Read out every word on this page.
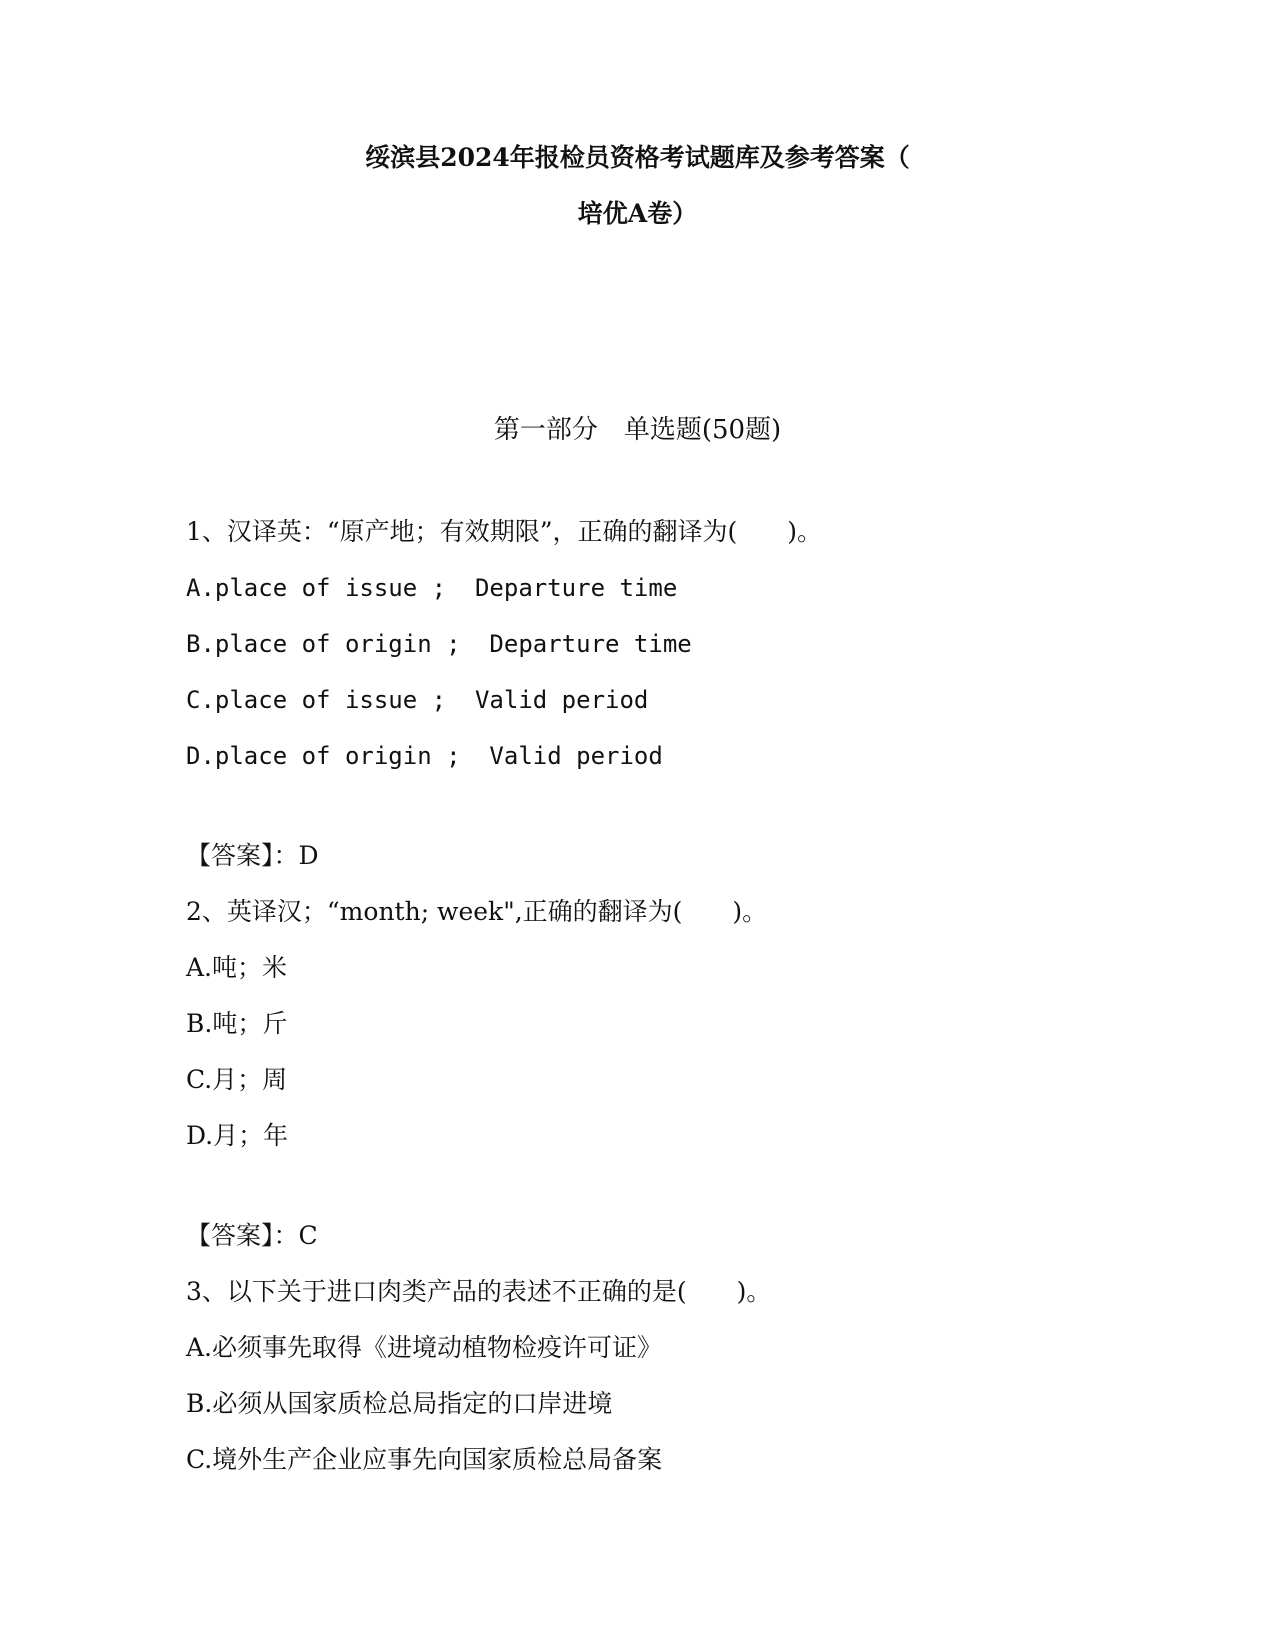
绥滨县2024年报检员资格考试题库及参考答案（
培优A卷）
第一部分　单选题(50题)
1、汉译英：“原产地；有效期限”，正确的翻译为(　　)。
A.place of issue ;  Departure time
B.place of origin ;  Departure time
C.place of issue ;  Valid period
D.place of origin ;  Valid period
【答案】：D
2、英译汉；“month; week",正确的翻译为(　　)。
A.吨；米
B.吨；斤
C.月；周
D.月；年
【答案】：C
3、以下关于进口肉类产品的表述不正确的是(　　)。
A.必须事先取得《进境动植物检疫许可证》
B.必须从国家质检总局指定的口岸进境
C.境外生产企业应事先向国家质检总局备案
